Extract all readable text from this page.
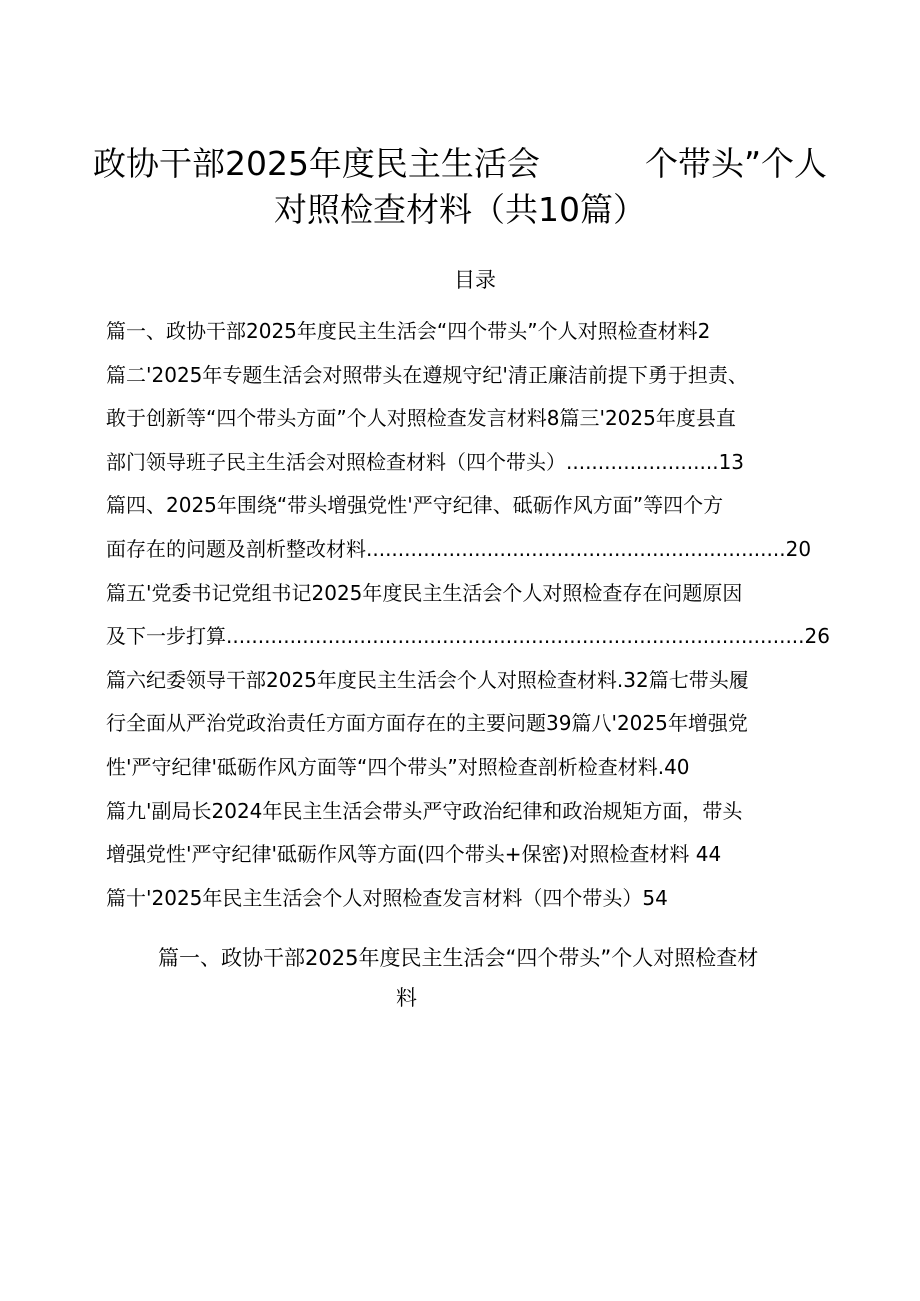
政协干部2025年度民主生活会	个带头”个人
对照检查材料（共10篇）
目录
篇一、政协干部2025年度民主生活会“四个带头”个人对照检查材料2
篇二'2025年专题生活会对照带头在遵规守纪'清正廉洁前提下勇于担责、
敢于创新等“四个带头方面”个人对照检查发言材料8篇三'2025年度县直
部门领导班子民主生活会对照检查材料（四个带头）........................13
篇四、2025年围绕“带头增强党性'严守纪律、砥砺作风方面”等四个方
面存在的问题及剖析整改材料..................................................................20
篇五'党委书记党组书记2025年度民主生活会个人对照检查存在问题原因
及下一步打算...........................................................................................26
篇六纪委领导干部2025年度民主生活会个人对照检查材料.32篇七带头履
行全面从严治党政治责任方面方面存在的主要问题39篇八'2025年增强党
性'严守纪律'砥砺作风方面等“四个带头”对照检查剖析检查材料.40
篇九'副局长2024年民主生活会带头严守政治纪律和政治规矩方面，带头
增强党性'严守纪律'砥砺作风等方面(四个带头+保密)对照检查材料 44
篇十'2025年民主生活会个人对照检查发言材料（四个带头）54
篇一、政协干部2025年度民主生活会“四个带头”个人对照检查材
料
